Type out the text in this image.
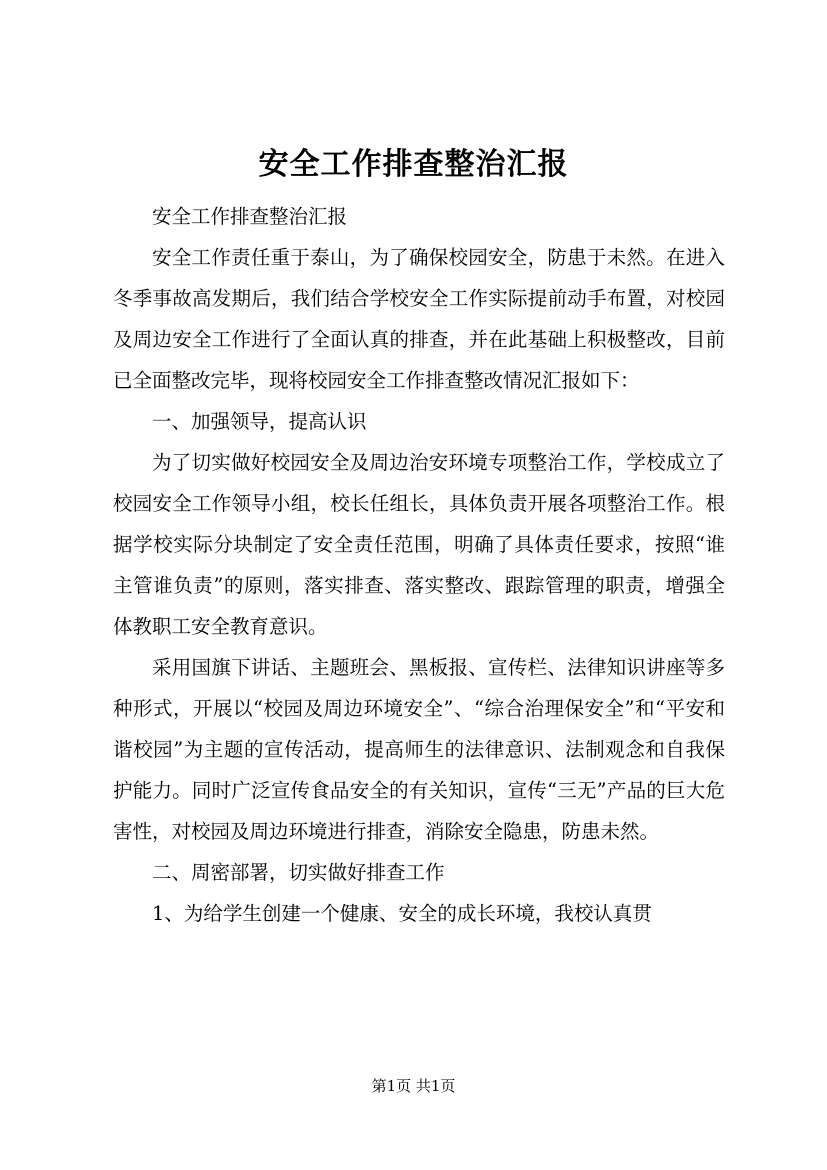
安全工作排查整治汇报

安全工作排查整治汇报

安全工作责任重于泰山，为了确保校园安全，防患于未然。在进入冬季事故高发期后，我们结合学校安全工作实际提前动手布置，对校园及周边安全工作进行了全面认真的排查，并在此基础上积极整改，目前已全面整改完毕，现将校园安全工作排查整改情况汇报如下：

一、加强领导，提高认识

为了切实做好校园安全及周边治安环境专项整治工作，学校成立了校园安全工作领导小组，校长任组长，具体负责开展各项整治工作。根据学校实际分块制定了安全责任范围，明确了具体责任要求，按照“谁主管谁负责”的原则，落实排查、落实整改、跟踪管理的职责，增强全体教职工安全教育意识。

采用国旗下讲话、主题班会、黑板报、宣传栏、法律知识讲座等多种形式，开展以“校园及周边环境安全”、“综合治理保安全”和“平安和谐校园”为主题的宣传活动，提高师生的法律意识、法制观念和自我保护能力。同时广泛宣传食品安全的有关知识，宣传“三无”产品的巨大危害性，对校园及周边环境进行排查，消除安全隐患，防患未然。

二、周密部署，切实做好排查工作

1、为给学生创建一个健康、安全的成长环境，我校认真贯

第1页 共1页
